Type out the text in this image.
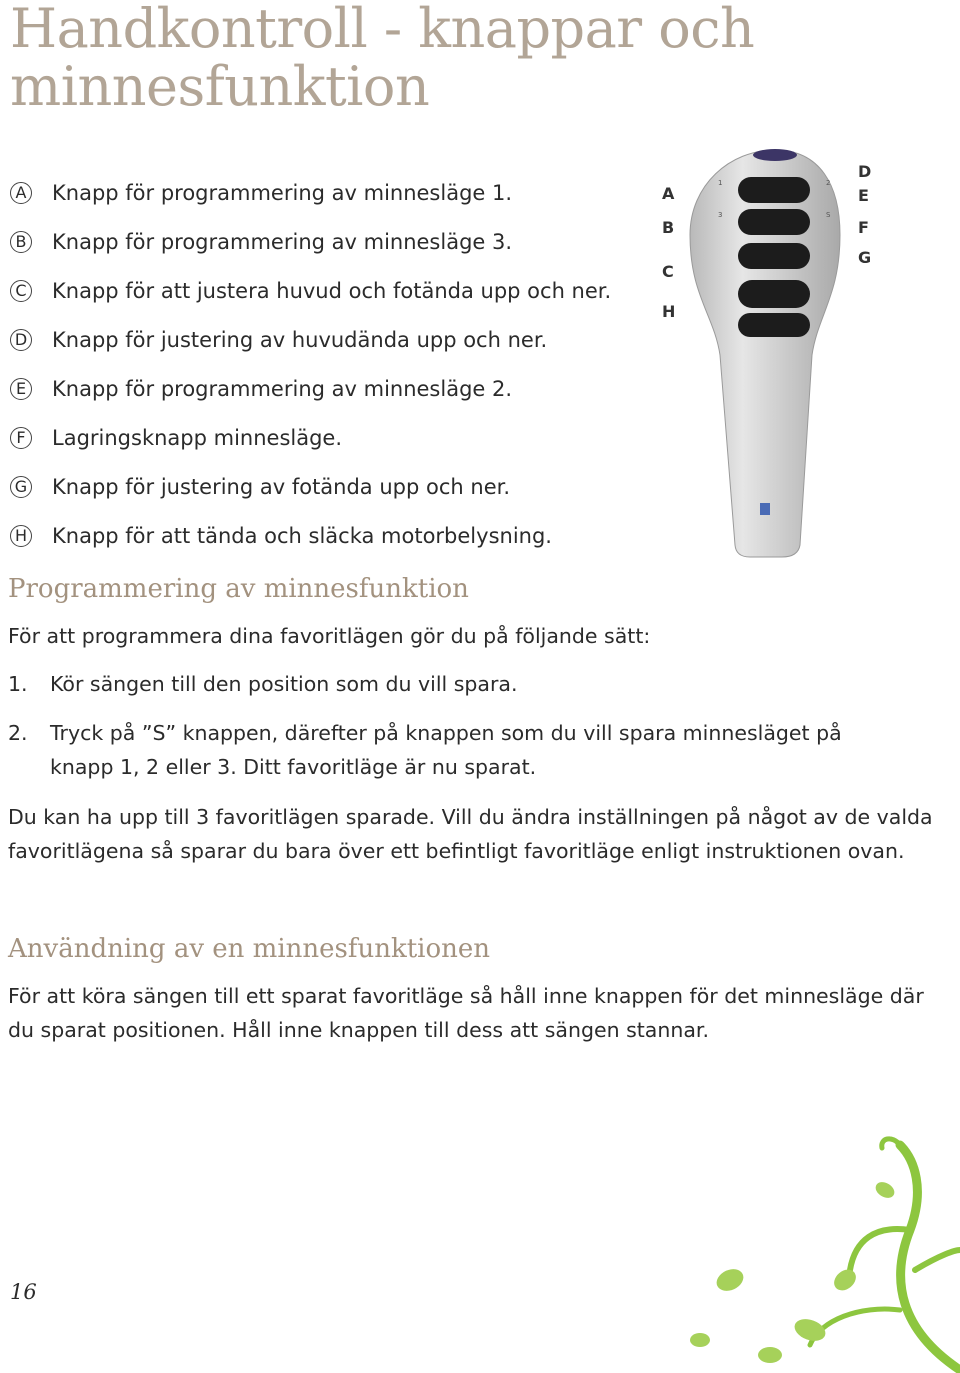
Handkontroll - knappar och minnesfunktion
A Knapp för programmering av minnesläge 1.
B Knapp för programmering av minnesläge 3.
C Knapp för att justera huvud och fotända upp och ner.
D Knapp för justering av huvudända upp och ner.
E Knapp för programmering av minnesläge 2.
F	Lagringsknapp minnesläge.
G Knapp för justering av fotända upp och ner.
H Knapp för att tända och släcka motorbelysning.
1	2
3	S
A
B
C
H
D
E
F
G
Programmering av minnesfunktion

För att programmera dina favoritlägen gör du på följande sätt:

1.	Kör sängen till den position som du vill spara.
2.	Tryck på ”S” knappen, därefter på knappen som du vill spara minnesläget på knapp 1, 2 eller 3. Ditt favoritläge är nu sparat.

Du kan ha upp till 3 favoritlägen sparade. Vill du ändra inställningen på något av de valda favoritlägena så sparar du bara över ett befintligt favoritläge enligt instruktionen ovan.

Användning av en minnesfunktionen

För att köra sängen till ett sparat favoritläge så håll inne knappen för det minnesläge där du sparat positionen. Håll inne knappen till dess att sängen stannar.

16
